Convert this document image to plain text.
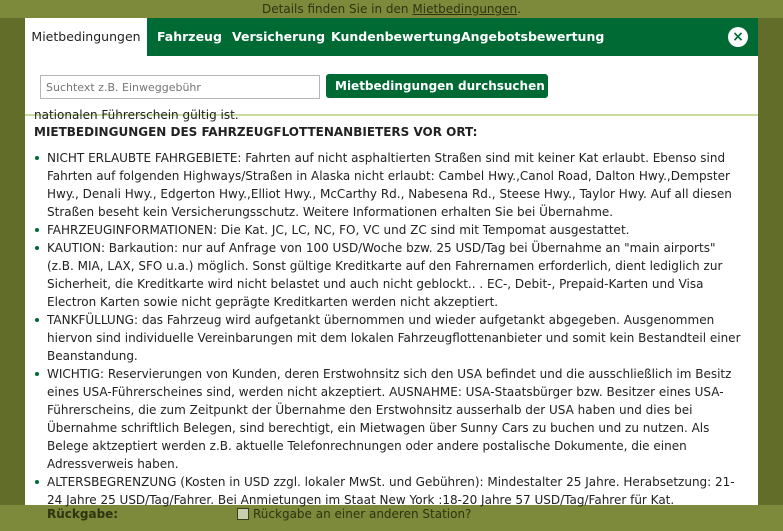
Details finden Sie in den Mietbedingungen.
Rückgabe:	Rückgabe an einer anderen Station?
Mietbedingungen	Fahrzeug Versicherung Kundenbewertung Angebotsbewertung	×
Suchtext z.B. Einweggebühr
Mietbedingungen durchsuchen ›
nationalen Führerschein gültig ist.
MIETBEDINGUNGEN DES FAHRZEUGFLOTTENANBIETERS VOR ORT:
NICHT ERLAUBTE FAHRGEBIETE: Fahrten auf nicht asphaltierten Straßen sind mit keiner Kat erlaubt. Ebenso sind Fahrten auf folgenden Highways/Straßen in Alaska nicht erlaubt: Cambel Hwy.,Canol Road, Dalton Hwy.,Dempster Hwy., Denali Hwy., Edgerton Hwy.,Elliot Hwy., McCarthy Rd., Nabesena Rd., Steese Hwy., Taylor Hwy. Auf all diesen Straßen beseht kein Versicherungsschutz. Weitere Informationen erhalten Sie bei Übernahme.
FAHRZEUGINFORMATIONEN: Die Kat. JC, LC, NC, FO, VC und ZC sind mit Tempomat ausgestattet.
KAUTION: Barkaution: nur auf Anfrage von 100 USD/Woche bzw. 25 USD/Tag bei Übernahme an "main airports" (z.B. MIA, LAX, SFO u.a.) möglich. Sonst gültige Kreditkarte auf den Fahrernamen erforderlich, dient lediglich zur Sicherheit, die Kreditkarte wird nicht belastet und auch nicht geblockt.. . EC-, Debit-, Prepaid-Karten und Visa Electron Karten sowie nicht geprägte Kreditkarten werden nicht akzeptiert.
TANKFÜLLUNG: das Fahrzeug wird aufgetankt übernommen und wieder aufgetankt abgegeben. Ausgenommen hiervon sind individuelle Vereinbarungen mit dem lokalen Fahrzeugflottenanbieter und somit kein Bestandteil einer Beanstandung.
WICHTIG: Reservierungen von Kunden, deren Erstwohnsitz sich den USA befindet und die ausschließlich im Besitz eines USA-Führerscheines sind, werden nicht akzeptiert. AUSNAHME: USA-Staatsbürger bzw. Besitzer eines USA-Führerscheins, die zum Zeitpunkt der Übernahme den Erstwohnsitz ausserhalb der USA haben und dies bei Übernahme schriftlich Belegen, sind berechtigt, ein Mietwagen über Sunny Cars zu buchen und zu nutzen. Als Belege aktzeptiert werden z.B. aktuelle Telefonrechnungen oder andere postalische Dokumente, die einen Adressverweis haben.
ALTERSBEGRENZUNG (Kosten in USD zzgl. lokaler MwSt. und Gebühren): Mindestalter 25 Jahre. Herabsetzung: 21-24 Jahre 25 USD/Tag/Fahrer. Bei Anmietungen im Staat New York :18-20 Jahre 57 USD/Tag/Fahrer für Kat.
